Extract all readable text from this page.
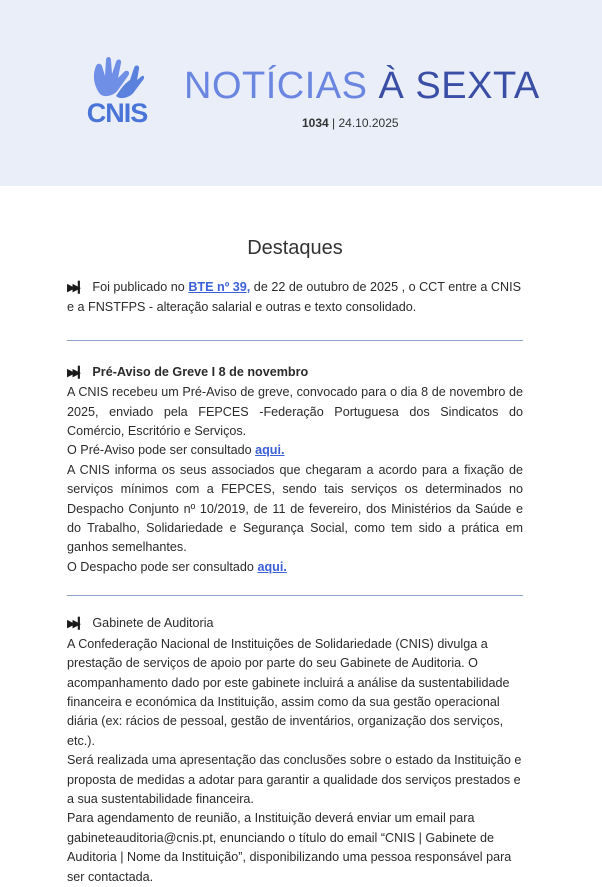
CNIS
NOTÍCIAS À SEXTA
1034 | 24.10.2025
Destaques

▶▶▎ Foi publicado no BTE nº 39, de 22 de outubro de 2025 , o CCT entre a CNIS e a FNSTFPS - alteração salarial e outras e texto consolidado.

▶▶▎ Pré-Aviso de Greve I 8 de novembro

A CNIS recebeu um Pré-Aviso de greve, convocado para o dia 8 de novembro de 2025, enviado pela FEPCES -Federação Portuguesa dos Sindicatos do Comércio, Escritório e Serviços.

O Pré-Aviso pode ser consultado aqui.

A CNIS informa os seus associados que chegaram a acordo para a fixação de serviços mínimos com a FEPCES, sendo tais serviços os determinados no Despacho Conjunto nº 10/2019, de 11 de fevereiro, dos Ministérios da Saúde e do Trabalho, Solidariedade e Segurança Social, como tem sido a prática em ganhos semelhantes.

O Despacho pode ser consultado aqui.

▶▶▎ Gabinete de Auditoria

A Confederação Nacional de Instituições de Solidariedade (CNIS) divulga a prestação de serviços de apoio por parte do seu Gabinete de Auditoria. O acompanhamento dado por este gabinete incluirá a análise da sustentabilidade financeira e económica da Instituição, assim como da sua gestão operacional diária (ex: rácios de pessoal, gestão de inventários, organização dos serviços, etc.).

Será realizada uma apresentação das conclusões sobre o estado da Instituição e proposta de medidas a adotar para garantir a qualidade dos serviços prestados e a sua sustentabilidade financeira.

Para agendamento de reunião, a Instituição deverá enviar um email para gabineteauditoria@cnis.pt, enunciando o título do email “CNIS | Gabinete de Auditoria | Nome da Instituição”, disponibilizando uma pessoa responsável para ser contactada.
